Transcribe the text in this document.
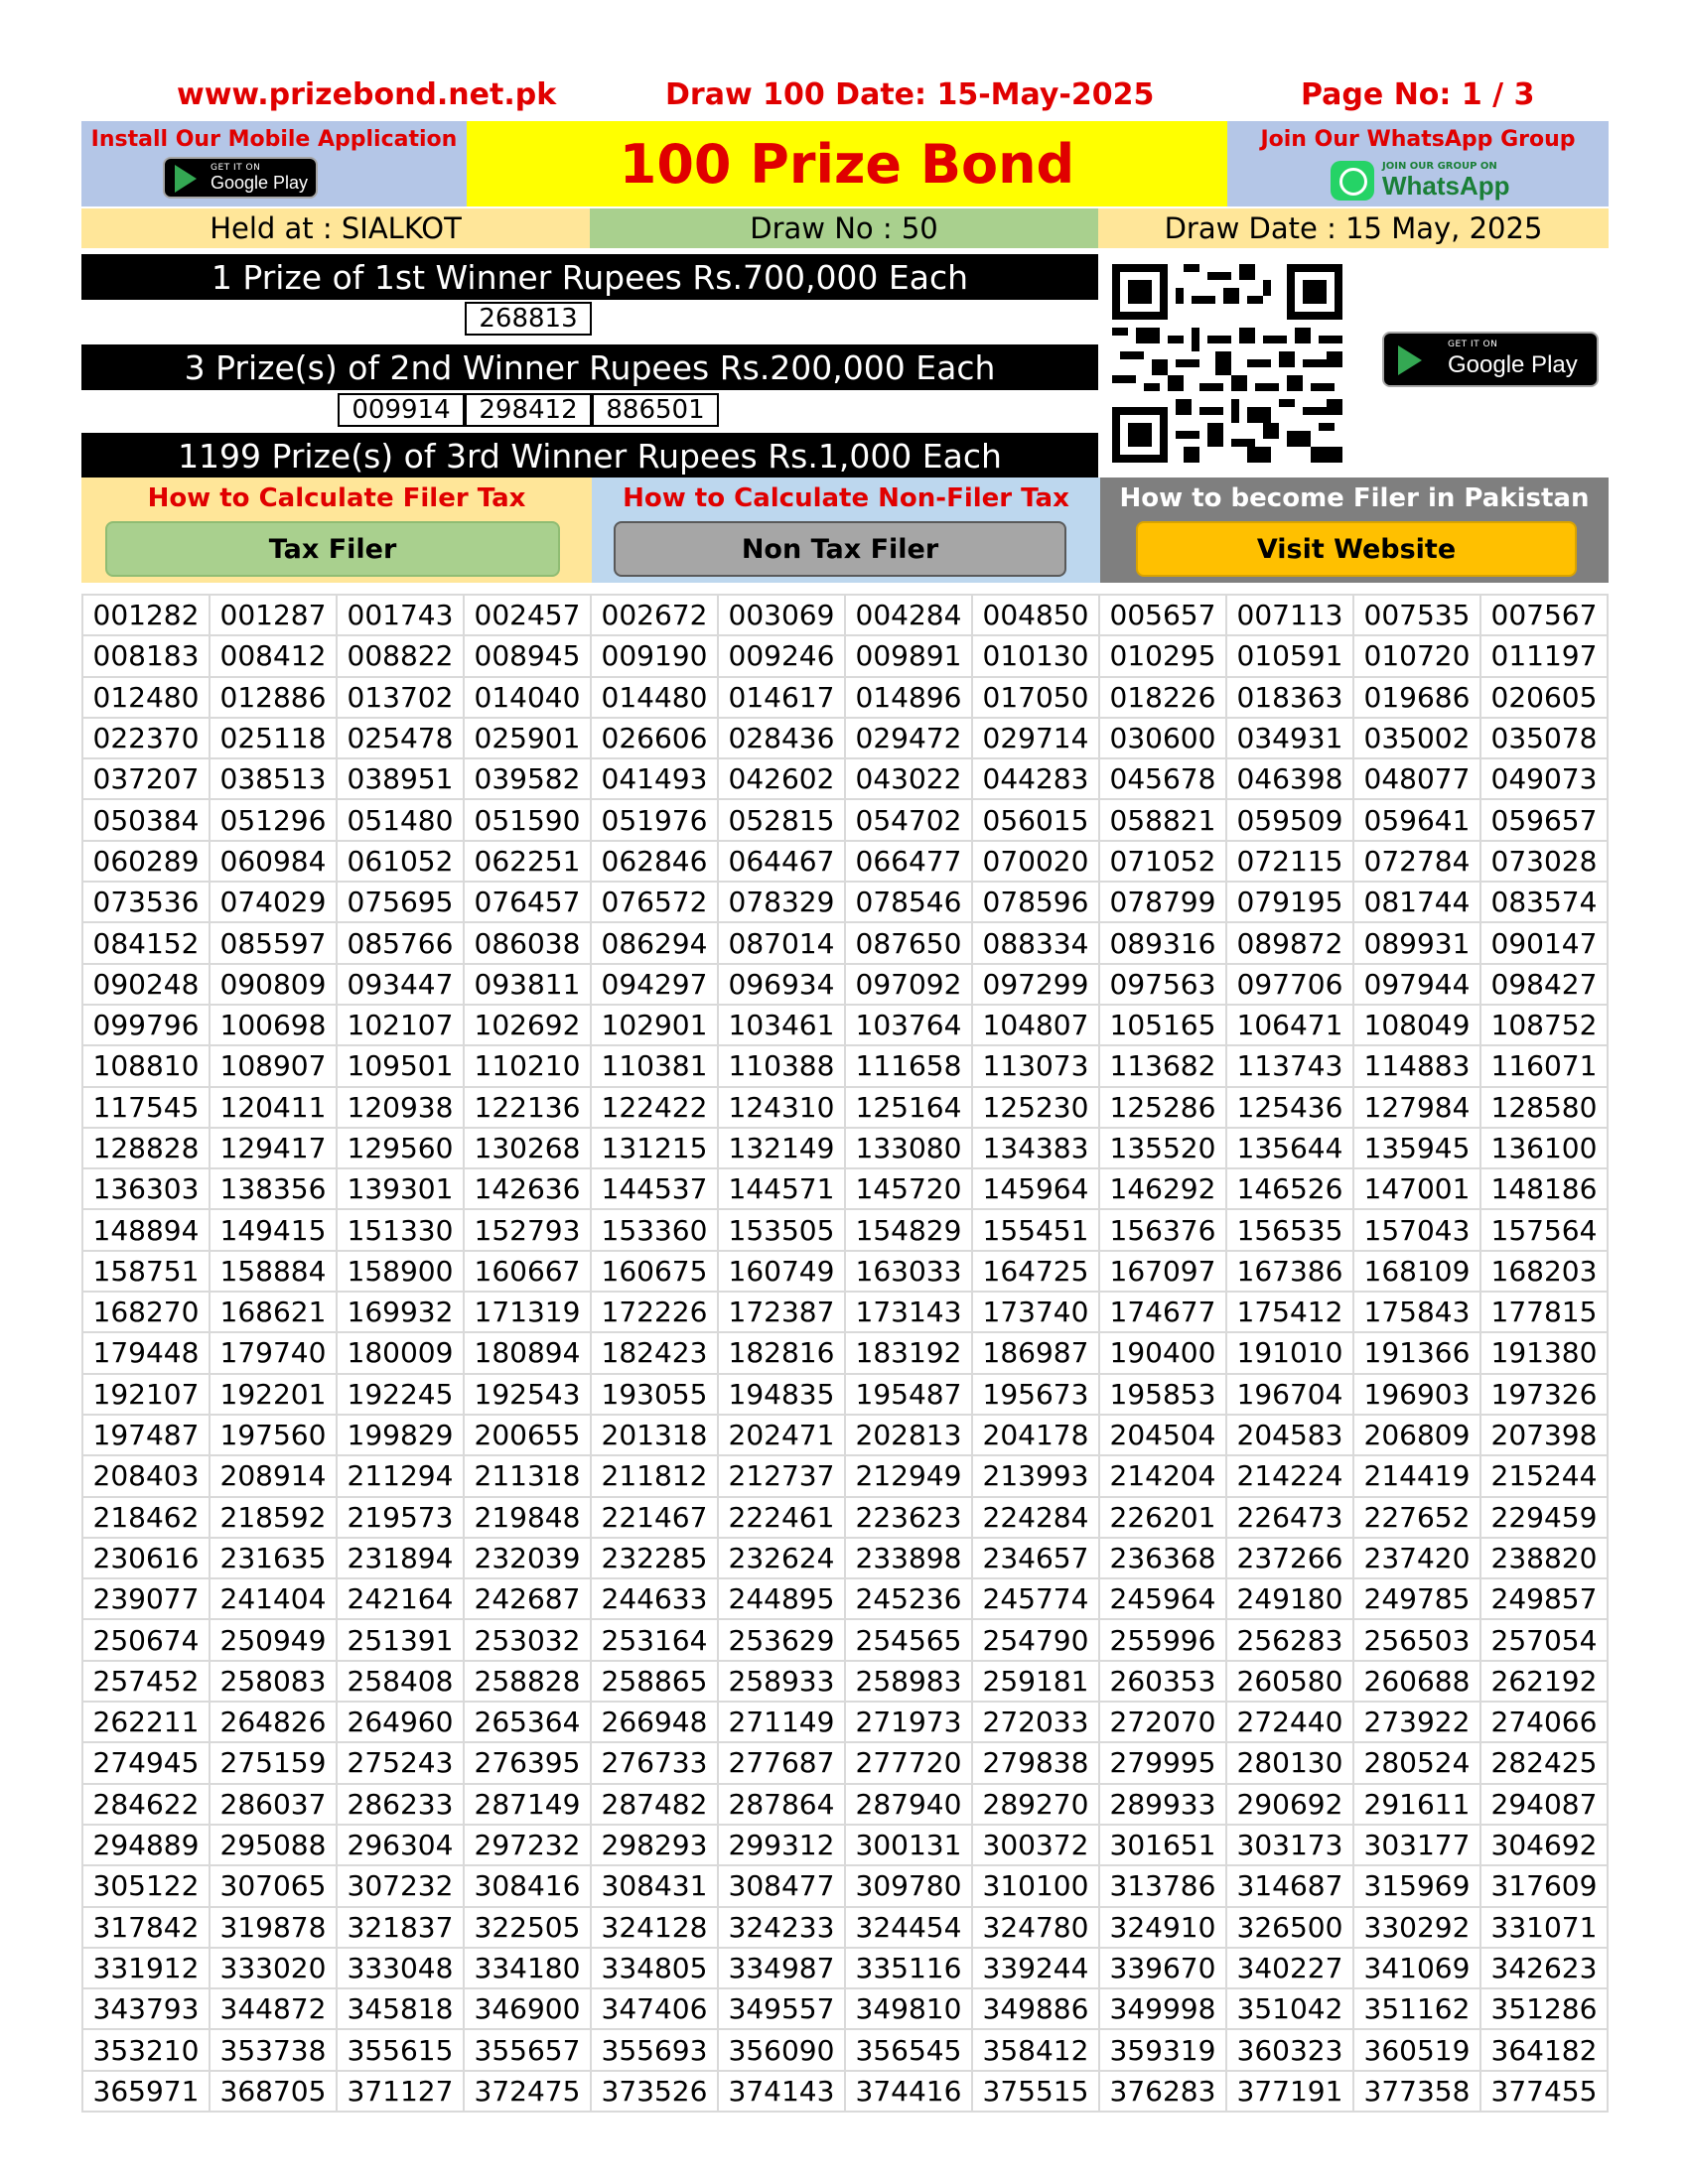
www.prizebond.net.pk	Draw 100 Date: 15-May-2025	Page No: 1 / 3
Install Our Mobile Application
GET IT ON
Google Play	100 Prize Bond	Join Our WhatsApp Group
JOIN OUR GROUP ON
WhatsApp
Held at : SIALKOT	Draw No : 50	Draw Date : 15 May, 2025
1 Prize of 1st Winner Rupees Rs.700,000 Each
268813
3 Prize(s) of 2nd Winner Rupees Rs.200,000 Each
009914	298412	886501
1199 Prize(s) of 3rd Winner Rupees Rs.1,000 Each
GET IT ON
Google Play
How to Calculate Filer Tax
Tax Filer
How to Calculate Non-Filer Tax
Non Tax Filer
How to become Filer in Pakistan
Visit Website
001282	001287	001743	002457	002672	003069	004284	004850	005657	007113	007535	007567
008183	008412	008822	008945	009190	009246	009891	010130	010295	010591	010720	011197
012480	012886	013702	014040	014480	014617	014896	017050	018226	018363	019686	020605
022370	025118	025478	025901	026606	028436	029472	029714	030600	034931	035002	035078
037207	038513	038951	039582	041493	042602	043022	044283	045678	046398	048077	049073
050384	051296	051480	051590	051976	052815	054702	056015	058821	059509	059641	059657
060289	060984	061052	062251	062846	064467	066477	070020	071052	072115	072784	073028
073536	074029	075695	076457	076572	078329	078546	078596	078799	079195	081744	083574
084152	085597	085766	086038	086294	087014	087650	088334	089316	089872	089931	090147
090248	090809	093447	093811	094297	096934	097092	097299	097563	097706	097944	098427
099796	100698	102107	102692	102901	103461	103764	104807	105165	106471	108049	108752
108810	108907	109501	110210	110381	110388	111658	113073	113682	113743	114883	116071
117545	120411	120938	122136	122422	124310	125164	125230	125286	125436	127984	128580
128828	129417	129560	130268	131215	132149	133080	134383	135520	135644	135945	136100
136303	138356	139301	142636	144537	144571	145720	145964	146292	146526	147001	148186
148894	149415	151330	152793	153360	153505	154829	155451	156376	156535	157043	157564
158751	158884	158900	160667	160675	160749	163033	164725	167097	167386	168109	168203
168270	168621	169932	171319	172226	172387	173143	173740	174677	175412	175843	177815
179448	179740	180009	180894	182423	182816	183192	186987	190400	191010	191366	191380
192107	192201	192245	192543	193055	194835	195487	195673	195853	196704	196903	197326
197487	197560	199829	200655	201318	202471	202813	204178	204504	204583	206809	207398
208403	208914	211294	211318	211812	212737	212949	213993	214204	214224	214419	215244
218462	218592	219573	219848	221467	222461	223623	224284	226201	226473	227652	229459
230616	231635	231894	232039	232285	232624	233898	234657	236368	237266	237420	238820
239077	241404	242164	242687	244633	244895	245236	245774	245964	249180	249785	249857
250674	250949	251391	253032	253164	253629	254565	254790	255996	256283	256503	257054
257452	258083	258408	258828	258865	258933	258983	259181	260353	260580	260688	262192
262211	264826	264960	265364	266948	271149	271973	272033	272070	272440	273922	274066
274945	275159	275243	276395	276733	277687	277720	279838	279995	280130	280524	282425
284622	286037	286233	287149	287482	287864	287940	289270	289933	290692	291611	294087
294889	295088	296304	297232	298293	299312	300131	300372	301651	303173	303177	304692
305122	307065	307232	308416	308431	308477	309780	310100	313786	314687	315969	317609
317842	319878	321837	322505	324128	324233	324454	324780	324910	326500	330292	331071
331912	333020	333048	334180	334805	334987	335116	339244	339670	340227	341069	342623
343793	344872	345818	346900	347406	349557	349810	349886	349998	351042	351162	351286
353210	353738	355615	355657	355693	356090	356545	358412	359319	360323	360519	364182
365971	368705	371127	372475	373526	374143	374416	375515	376283	377191	377358	377455
